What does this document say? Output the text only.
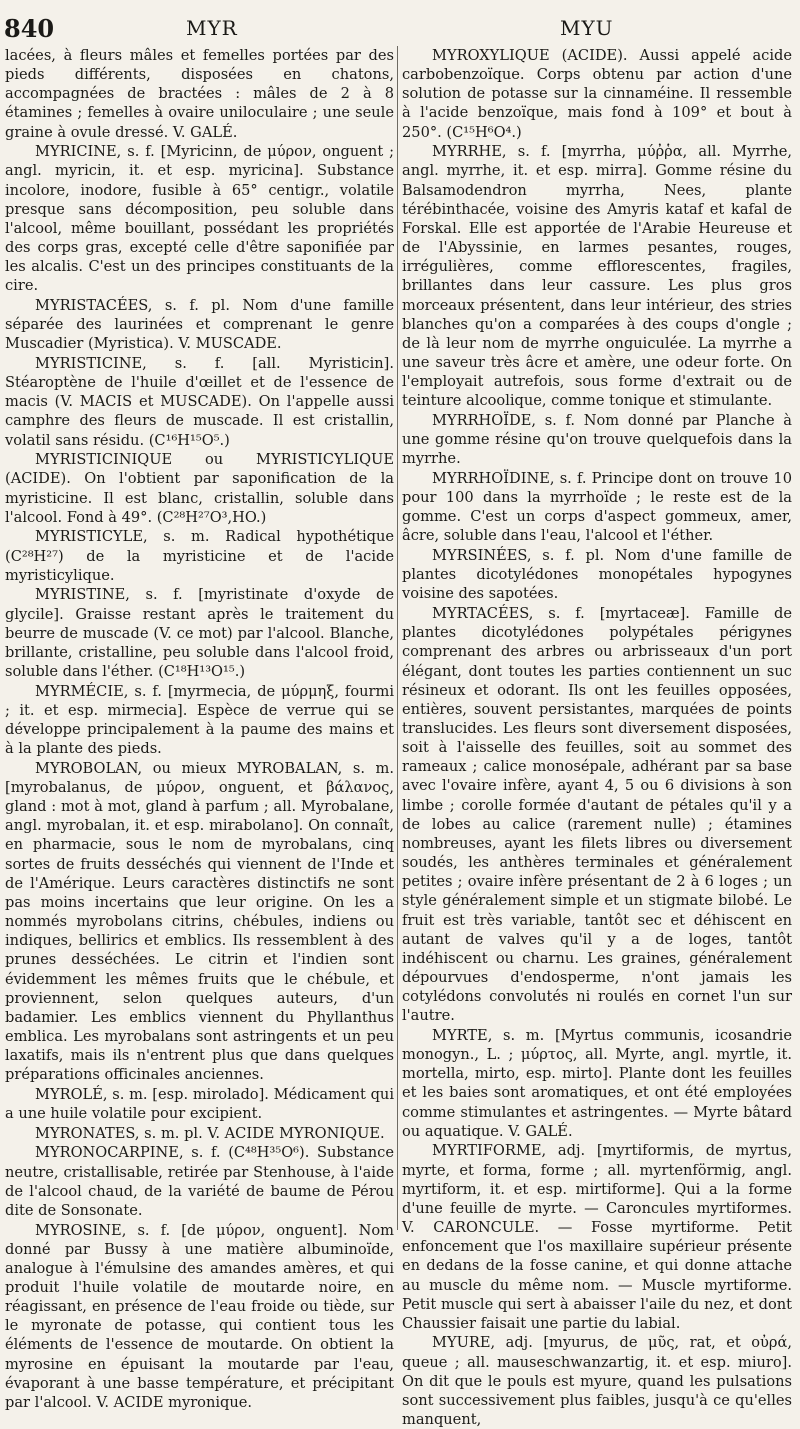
840	MYR	MYU

lacées, à fleurs mâles et femelles portées par des pieds différents, disposées en chatons, accompagnées de bractées : mâles de 2 à 8 étamines ; femelles à ovaire uniloculaire ; une seule graine à ovule dressé. V. GALÉ.

MYRICINE, s. f. [Myricinn, de μύρον, onguent ; angl. myricin, it. et esp. myricina]. Substance incolore, inodore, fusible à 65° centigr., volatile presque sans décomposition, peu soluble dans l'alcool, même bouillant, possédant les propriétés des corps gras, excepté celle d'être saponifiée par les alcalis. C'est un des principes constituants de la cire.

MYRISTACÉES, s. f. pl. Nom d'une famille séparée des laurinées et comprenant le genre Muscadier (Myristica). V. MUSCADE.

MYRISTICINE, s. f. [all. Myristicin]. Stéaroptène de l'huile d'œillet et de l'essence de macis (V. MACIS et MUSCADE). On l'appelle aussi camphre des fleurs de muscade. Il est cristallin, volatil sans résidu. (C¹⁶H¹⁵O⁵.)

MYRISTICINIQUE ou MYRISTICYLIQUE (ACIDE). On l'obtient par saponification de la myristicine. Il est blanc, cristallin, soluble dans l'alcool. Fond à 49°. (C²⁸H²⁷O³,HO.)

MYRISTICYLE, s. m. Radical hypothétique (C²⁸H²⁷) de la myristicine et de l'acide myristicylique.

MYRISTINE, s. f. [myristinate d'oxyde de glycile]. Graisse restant après le traitement du beurre de muscade (V. ce mot) par l'alcool. Blanche, brillante, cristalline, peu soluble dans l'alcool froid, soluble dans l'éther. (C¹⁸H¹³O¹⁵.)

MYRMÉCIE, s. f. [myrmecia, de μύρμηξ, fourmi ; it. et esp. mirmecia]. Espèce de verrue qui se développe principalement à la paume des mains et à la plante des pieds.

MYROBOLAN, ou mieux MYROBALAN, s. m. [myrobalanus, de μύρον, onguent, et βάλανος, gland : mot à mot, gland à parfum ; all. Myrobalane, angl. myrobalan, it. et esp. mirabolano]. On connaît, en pharmacie, sous le nom de myrobalans, cinq sortes de fruits desséchés qui viennent de l'Inde et de l'Amérique. Leurs caractères distinctifs ne sont pas moins incertains que leur origine. On les a nommés myrobolans citrins, chébules, indiens ou indiques, bellirics et emblics. Ils ressemblent à des prunes desséchées. Le citrin et l'indien sont évidemment les mêmes fruits que le chébule, et proviennent, selon quelques auteurs, d'un badamier. Les emblics viennent du Phyllanthus emblica. Les myrobalans sont astringents et un peu laxatifs, mais ils n'entrent plus que dans quelques préparations officinales anciennes.

MYROLÉ, s. m. [esp. mirolado]. Médicament qui a une huile volatile pour excipient.

MYRONATES, s. m. pl. V. ACIDE MYRONIQUE.

MYRONOCARPINE, s. f. (C⁴⁸H³⁵O⁶). Substance neutre, cristallisable, retirée par Stenhouse, à l'aide de l'alcool chaud, de la variété de baume de Pérou dite de Sonsonate.

MYROSINE, s. f. [de μύρον, onguent]. Nom donné par Bussy à une matière albuminoïde, analogue à l'émulsine des amandes amères, et qui produit l'huile volatile de moutarde noire, en réagissant, en présence de l'eau froide ou tiède, sur le myronate de potasse, qui contient tous les éléments de l'essence de moutarde. On obtient la myrosine en épuisant la moutarde par l'eau, évaporant à une basse température, et précipitant par l'alcool. V. ACIDE myronique.

MYROXYLIQUE (ACIDE). Aussi appelé acide carbobenzoïque. Corps obtenu par action d'une solution de potasse sur la cinnaméine. Il ressemble à l'acide benzoïque, mais fond à 109° et bout à 250°. (C¹⁵H⁶O⁴.)

MYRRHE, s. f. [myrrha, μύῤῥα, all. Myrrhe, angl. myrrhe, it. et esp. mirra]. Gomme résine du Balsamodendron myrrha, Nees, plante térébinthacée, voisine des Amyris kataf et kafal de Forskal. Elle est apportée de l'Arabie Heureuse et de l'Abyssinie, en larmes pesantes, rouges, irrégulières, comme efflorescentes, fragiles, brillantes dans leur cassure. Les plus gros morceaux présentent, dans leur intérieur, des stries blanches qu'on a comparées à des coups d'ongle ; de là leur nom de myrrhe onguiculée. La myrrhe a une saveur très âcre et amère, une odeur forte. On l'employait autrefois, sous forme d'extrait ou de teinture alcoolique, comme tonique et stimulante.

MYRRHOÏDE, s. f. Nom donné par Planche à une gomme résine qu'on trouve quelquefois dans la myrrhe.

MYRRHOÏDINE, s. f. Principe dont on trouve 10 pour 100 dans la myrrhoïde ; le reste est de la gomme. C'est un corps d'aspect gommeux, amer, âcre, soluble dans l'eau, l'alcool et l'éther.

MYRSINÉES, s. f. pl. Nom d'une famille de plantes dicotylédones monopétales hypogynes voisine des sapotées.

MYRTACÉES, s. f. [myrtaceæ]. Famille de plantes dicotylédones polypétales périgynes comprenant des arbres ou arbrisseaux d'un port élégant, dont toutes les parties contiennent un suc résineux et odorant. Ils ont les feuilles opposées, entières, souvent persistantes, marquées de points translucides. Les fleurs sont diversement disposées, soit à l'aisselle des feuilles, soit au sommet des rameaux ; calice monosépale, adhérant par sa base avec l'ovaire infère, ayant 4, 5 ou 6 divisions à son limbe ; corolle formée d'autant de pétales qu'il y a de lobes au calice (rarement nulle) ; étamines nombreuses, ayant les filets libres ou diversement soudés, les anthères terminales et généralement petites ; ovaire infère présentant de 2 à 6 loges ; un style généralement simple et un stigmate bilobé. Le fruit est très variable, tantôt sec et déhiscent en autant de valves qu'il y a de loges, tantôt indéhiscent ou charnu. Les graines, généralement dépourvues d'endosperme, n'ont jamais les cotylédons convolutés ni roulés en cornet l'un sur l'autre.

MYRTE, s. m. [Myrtus communis, icosandrie monogyn., L. ; μύρτος, all. Myrte, angl. myrtle, it. mortella, mirto, esp. mirto]. Plante dont les feuilles et les baies sont aromatiques, et ont été employées comme stimulantes et astringentes. — Myrte bâtard ou aquatique. V. GALÉ.

MYRTIFORME, adj. [myrtiformis, de myrtus, myrte, et forma, forme ; all. myrtenförmig, angl. myrtiform, it. et esp. mirtiforme]. Qui a la forme d'une feuille de myrte. — Caroncules myrtiformes. V. CARONCULE. — Fosse myrtiforme. Petit enfoncement que l'os maxillaire supérieur présente en dedans de la fosse canine, et qui donne attache au muscle du même nom. — Muscle myrtiforme. Petit muscle qui sert à abaisser l'aile du nez, et dont Chaussier faisait une partie du labial.

MYURE, adj. [myurus, de μῦς, rat, et οὐρά, queue ; all. mauseschwanzartig, it. et esp. miuro]. On dit que le pouls est myure, quand les pulsations sont successivement plus faibles, jusqu'à ce qu'elles manquent,
